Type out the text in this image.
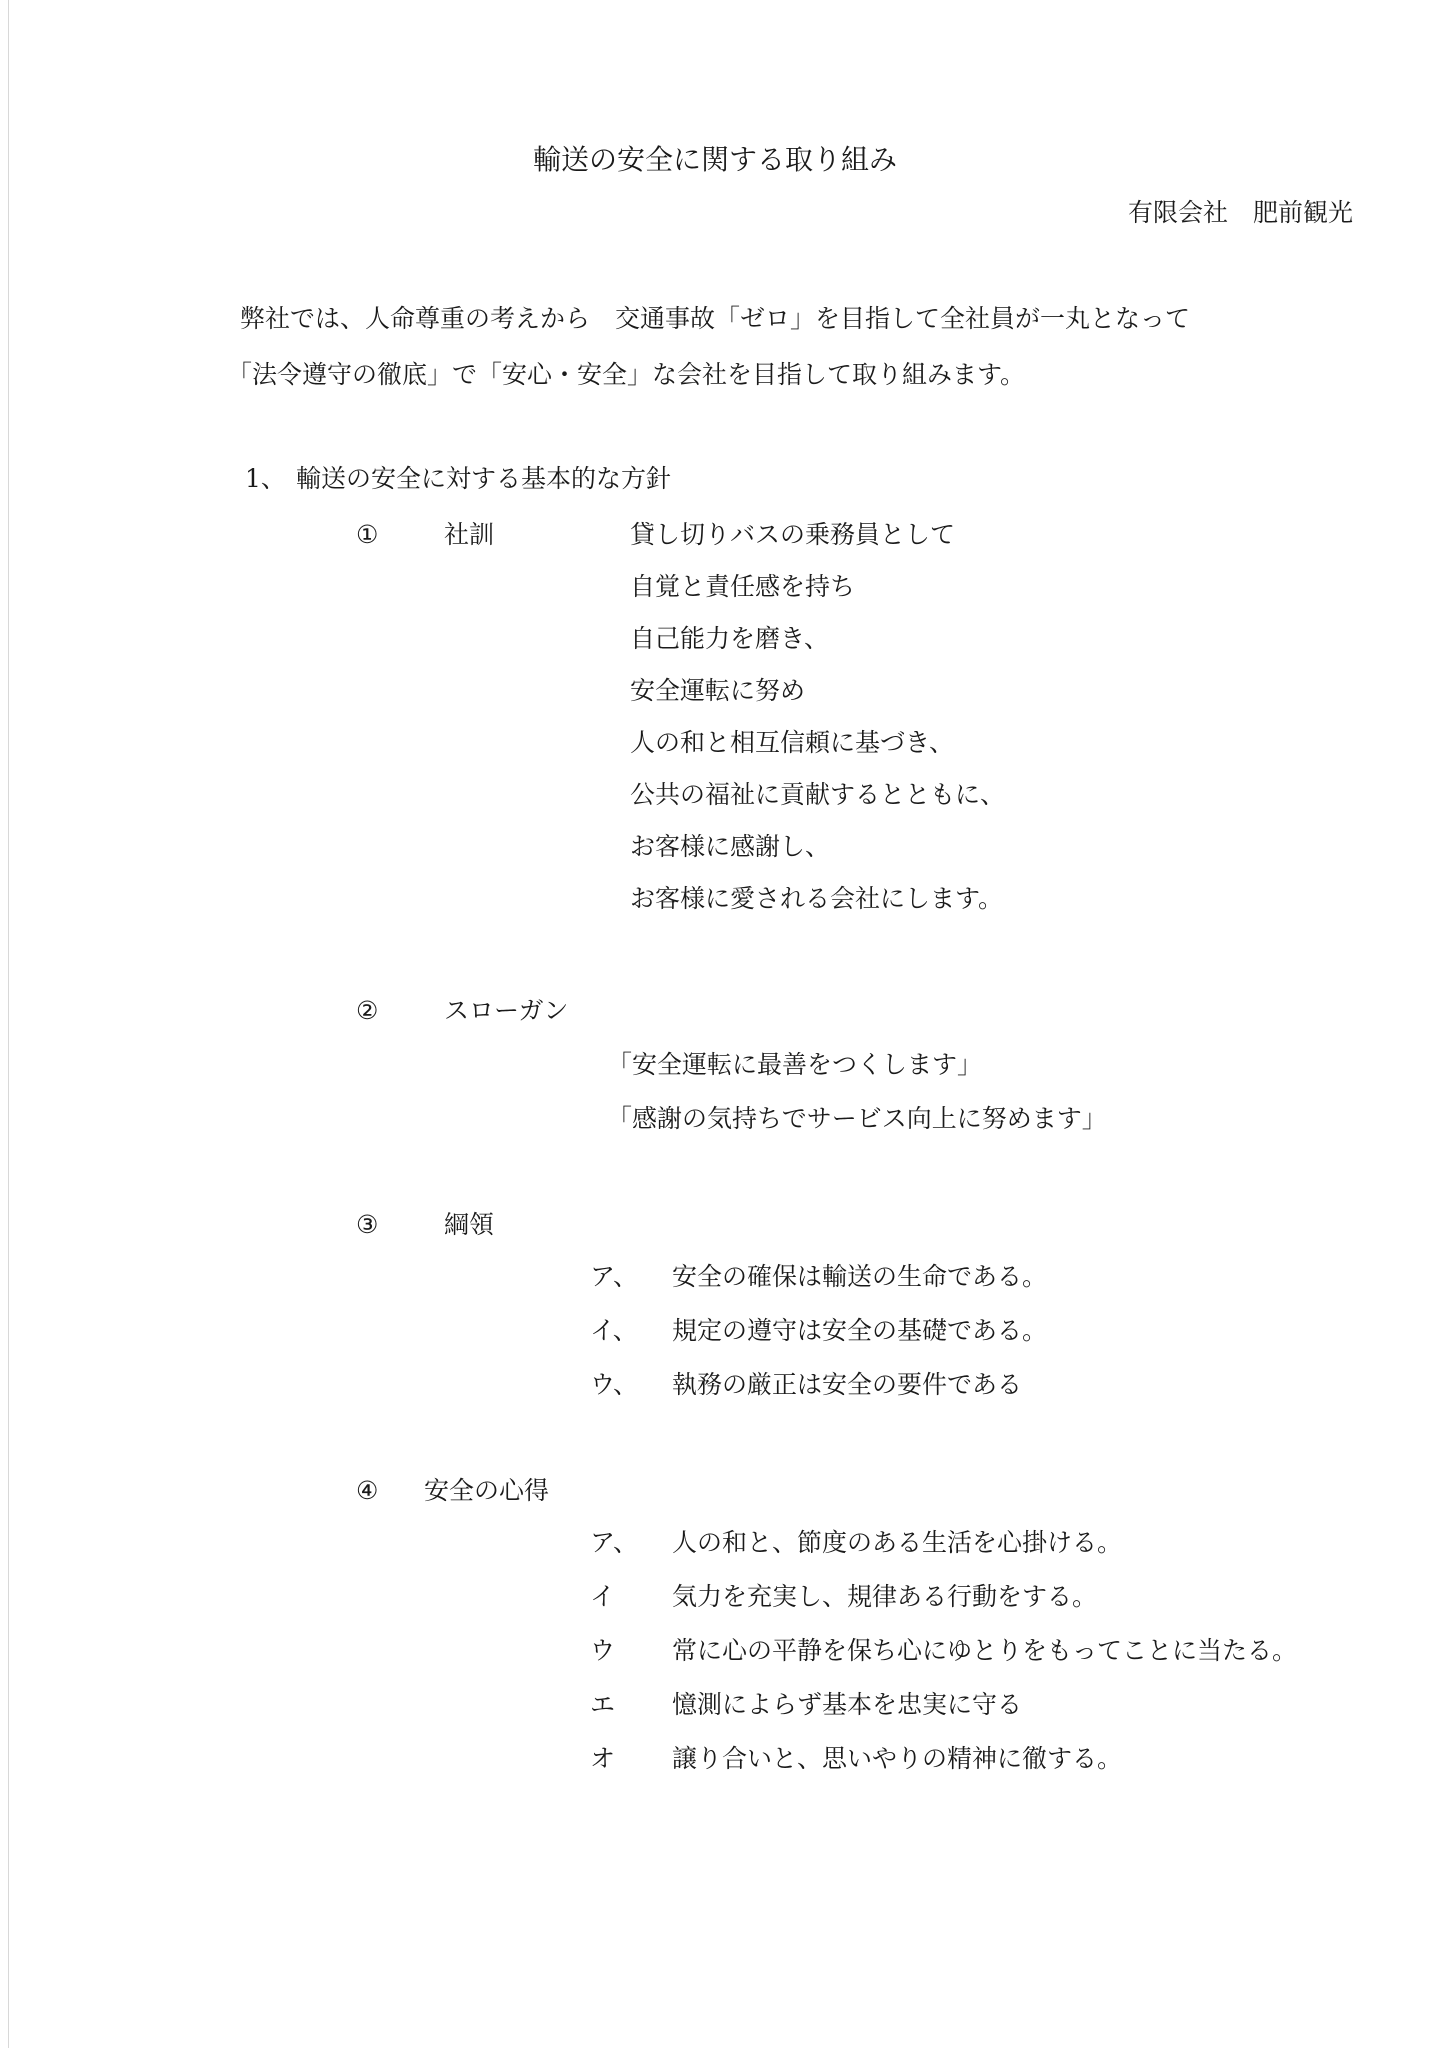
輸送の安全に関する取り組み
有限会社　肥前観光
弊社では、人命尊重の考えから　交通事故「ゼロ」を目指して全社員が一丸となって
「法令遵守の徹底」で「安心・安全」な会社を目指して取り組みます。
1、 輸送の安全に対する基本的な方針
①	社訓	貸し切りバスの乗務員として
自覚と責任感を持ち
自己能力を磨き、
安全運転に努め
人の和と相互信頼に基づき、
公共の福祉に貢献するとともに、
お客様に感謝し、
お客様に愛される会社にします。
②	スローガン
「安全運転に最善をつくします」
「感謝の気持ちでサービス向上に努めます」
③	綱領
ア、 安全の確保は輸送の生命である。
イ、 規定の遵守は安全の基礎である。
ウ、 執務の厳正は安全の要件である
④ 安全の心得
ア、 人の和と、節度のある生活を心掛ける。
イ 気力を充実し、規律ある行動をする。
ウ 常に心の平静を保ち心にゆとりをもってことに当たる。
エ 憶測によらず基本を忠実に守る
オ 譲り合いと、思いやりの精神に徹する。
